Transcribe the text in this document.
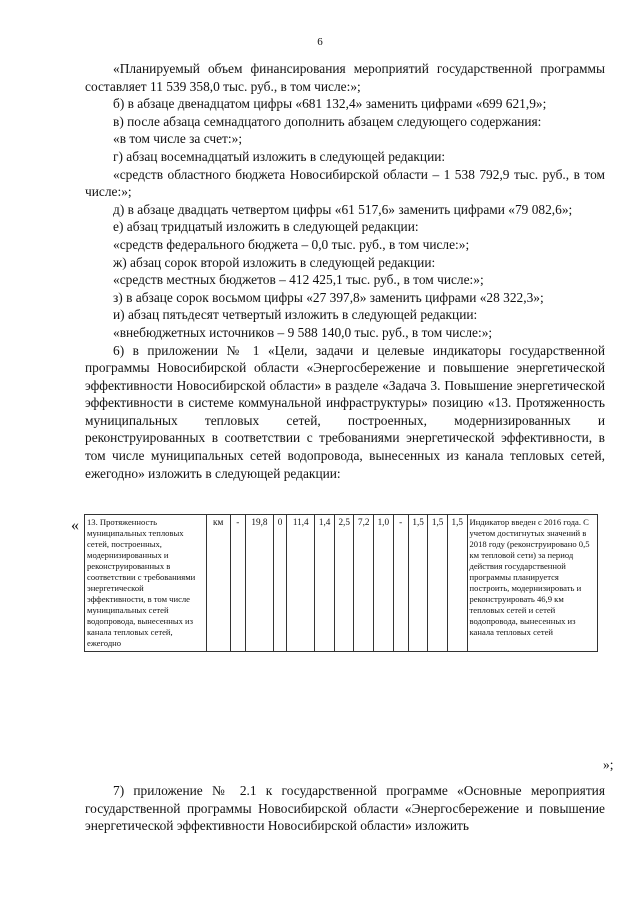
6

«Планируемый объем финансирования мероприятий государственной программы составляет 11 539 358,0 тыс. руб., в том числе:»;

б) в абзаце двенадцатом цифры «681 132,4» заменить цифрами «699 621,9»;

в) после абзаца семнадцатого дополнить абзацем следующего содержания:

«в том числе за счет:»;

г) абзац восемнадцатый изложить в следующей редакции:

«средств областного бюджета Новосибирской области – 1 538 792,9 тыс. руб., в том числе:»;

д) в абзаце двадцать четвертом цифры «61 517,6» заменить цифрами «79 082,6»;

е) абзац тридцатый изложить в следующей редакции:

«средств федерального бюджета – 0,0 тыс. руб., в том числе:»;

ж) абзац сорок второй изложить в следующей редакции:

«средств местных бюджетов – 412 425,1 тыс. руб., в том числе:»;

з) в абзаце сорок восьмом цифры «27 397,8» заменить цифрами «28 322,3»;

и) абзац пятьдесят четвертый изложить в следующей редакции:

«внебюджетных источников – 9 588 140,0 тыс. руб., в том числе:»;

6) в приложении № 1 «Цели, задачи и целевые индикаторы государственной программы Новосибирской области «Энергосбережение и повышение энергетической эффективности Новосибирской области» в разделе «Задача 3. Повышение энергетической эффективности в системе коммунальной инфраструктуры» позицию «13. Протяженность муниципальных тепловых сетей, построенных, модернизированных и реконструированных в соответствии с требованиями энергетической эффективности, в том числе муниципальных сетей водопровода, вынесенных из канала тепловых сетей, ежегодно» изложить в следующей редакции:

« 13. Протяженность муниципальных тепловых сетей, построенных, модернизированных и реконструированных в соответствии с требованиями энергетической эффективности, в том числе муниципальных сетей водопровода, вынесенных из канала тепловых сетей, ежегодно	км	-	19,8	0	11,4	1,4	2,5	7,2	1,0	-	1,5	1,5	1,5	Индикатор введен с 2016 года. С учетом достигнутых значений в 2018 году (реконструировано 0,5 км тепловой сети) за период действия государственной программы планируется построить, модернизировать и реконструировать 46,9 км тепловых сетей и сетей водопровода, вынесенных из канала тепловых сетей
»;

7) приложение № 2.1 к государственной программе «Основные мероприятия государственной программы Новосибирской области «Энергосбережение и повышение энергетической эффективности Новосибирской области» изложить
